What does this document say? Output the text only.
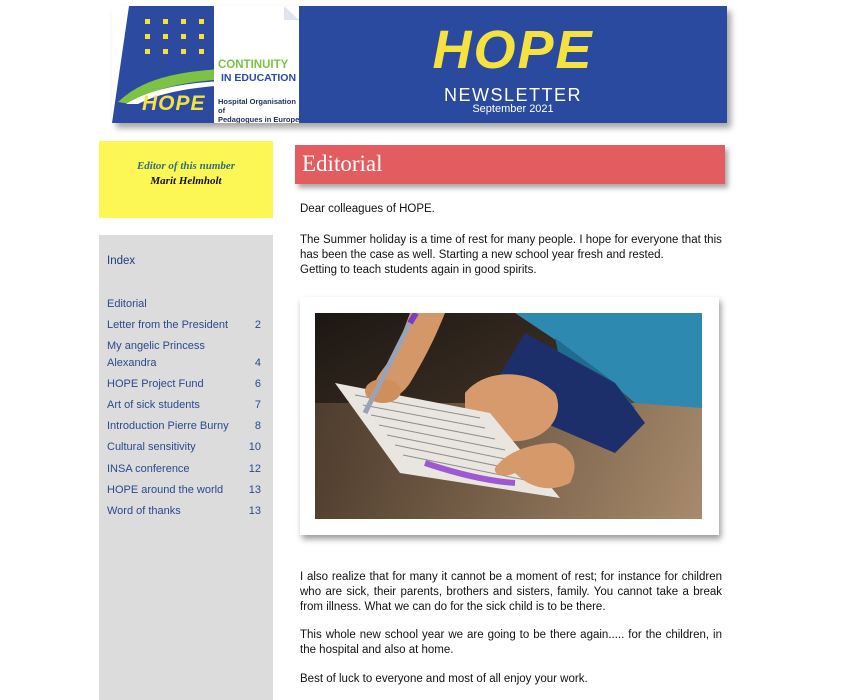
HOPE
CONTINUITY
IN EDUCATION
Hospital Organisation of
Pedagogues in Europe
HOPE
NEWSLETTER
September 2021
Editor of this number
Marit Helmholt
Index
Editorial
Letter from the President 2
My angelic Princess
Alexandra	4
HOPE Project Fund	6
Art of sick students	7
Introduction Pierre Burny 8
Cultural sensitivity	10
INSA conference	12
HOPE around the world 13
Word of thanks	13
Editorial
Dear colleagues of HOPE.
The Summer holiday is a time of rest for many people. I hope for everyone that this
has been the case as well. Starting a new school year fresh and rested.
Getting to teach students again in good spirits.
I also realize that for many it cannot be a moment of rest; for instance for children who are sick, their parents, brothers and sisters, family. You cannot take a break from illness. What we can do for the sick child is to be there.
This whole new school year we are going to be there again..... for the children, in the hospital and also at home.
Best of luck to everyone and most of all enjoy your work.
